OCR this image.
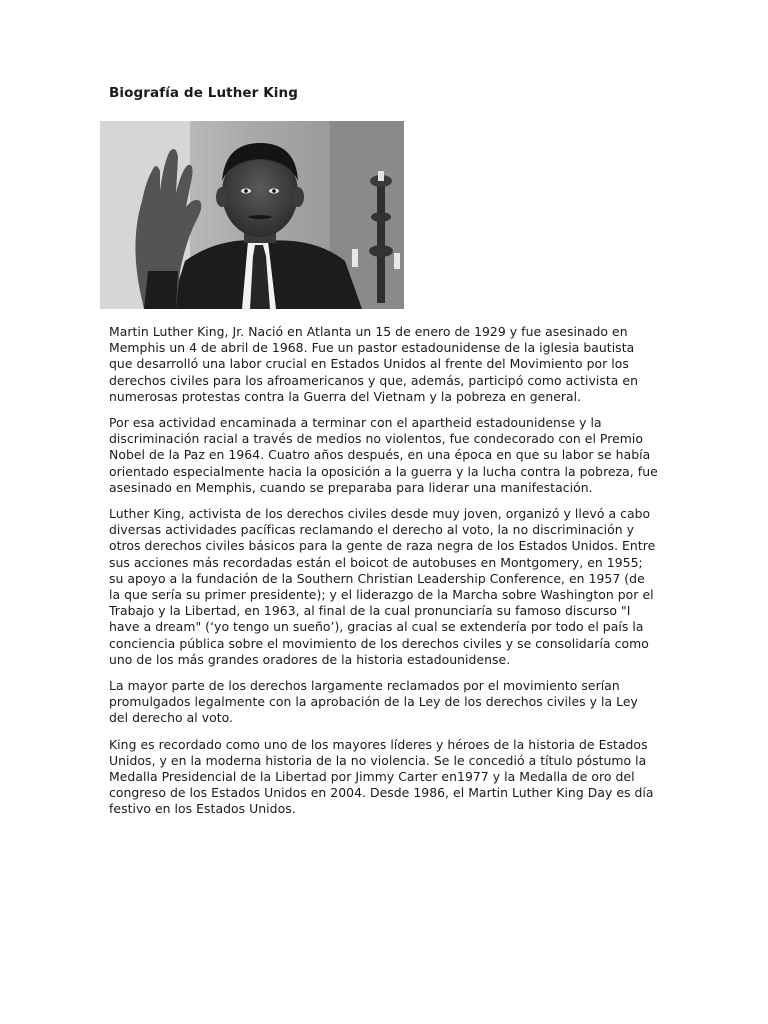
Biografía de Luther King

Martin Luther King, Jr. Nació en Atlanta un 15 de enero de 1929 y fue asesinado en Memphis un 4 de abril de 1968. Fue un pastor estadounidense de la iglesia bautista que desarrolló una labor crucial en Estados Unidos al frente del Movimiento por los derechos civiles para los afroamericanos y que, además, participó como activista en numerosas protestas contra la Guerra del Vietnam y la pobreza en general.

Por esa actividad encaminada a terminar con el apartheid estadounidense y la discriminación racial a través de medios no violentos, fue condecorado con el Premio Nobel de la Paz en 1964. Cuatro años después, en una época en que su labor se había orientado especialmente hacia la oposición a la guerra y la lucha contra la pobreza, fue asesinado en Memphis, cuando se preparaba para liderar una manifestación.

Luther King, activista de los derechos civiles desde muy joven, organizó y llevó a cabo diversas actividades pacíficas reclamando el derecho al voto, la no discriminación y otros derechos civiles básicos para la gente de raza negra de los Estados Unidos. Entre sus acciones más recordadas están el boicot de autobuses en Montgomery, en 1955; su apoyo a la fundación de la Southern Christian Leadership Conference, en 1957 (de la que sería su primer presidente); y el liderazgo de la Marcha sobre Washington por el Trabajo y la Libertad, en 1963, al final de la cual pronunciaría su famoso discurso "I have a dream" (‘yo tengo un sueño’), gracias al cual se extendería por todo el país la conciencia pública sobre el movimiento de los derechos civiles y se consolidaría como uno de los más grandes oradores de la historia estadounidense.

La mayor parte de los derechos largamente reclamados por el movimiento serían promulgados legalmente con la aprobación de la Ley de los derechos civiles y la Ley del derecho al voto.

King es recordado como uno de los mayores líderes y héroes de la historia de Estados Unidos, y en la moderna historia de la no violencia. Se le concedió a título póstumo la Medalla Presidencial de la Libertad por Jimmy Carter en1977 y la Medalla de oro del congreso de los Estados Unidos en 2004. Desde 1986, el Martin Luther King Day es día festivo en los Estados Unidos.
